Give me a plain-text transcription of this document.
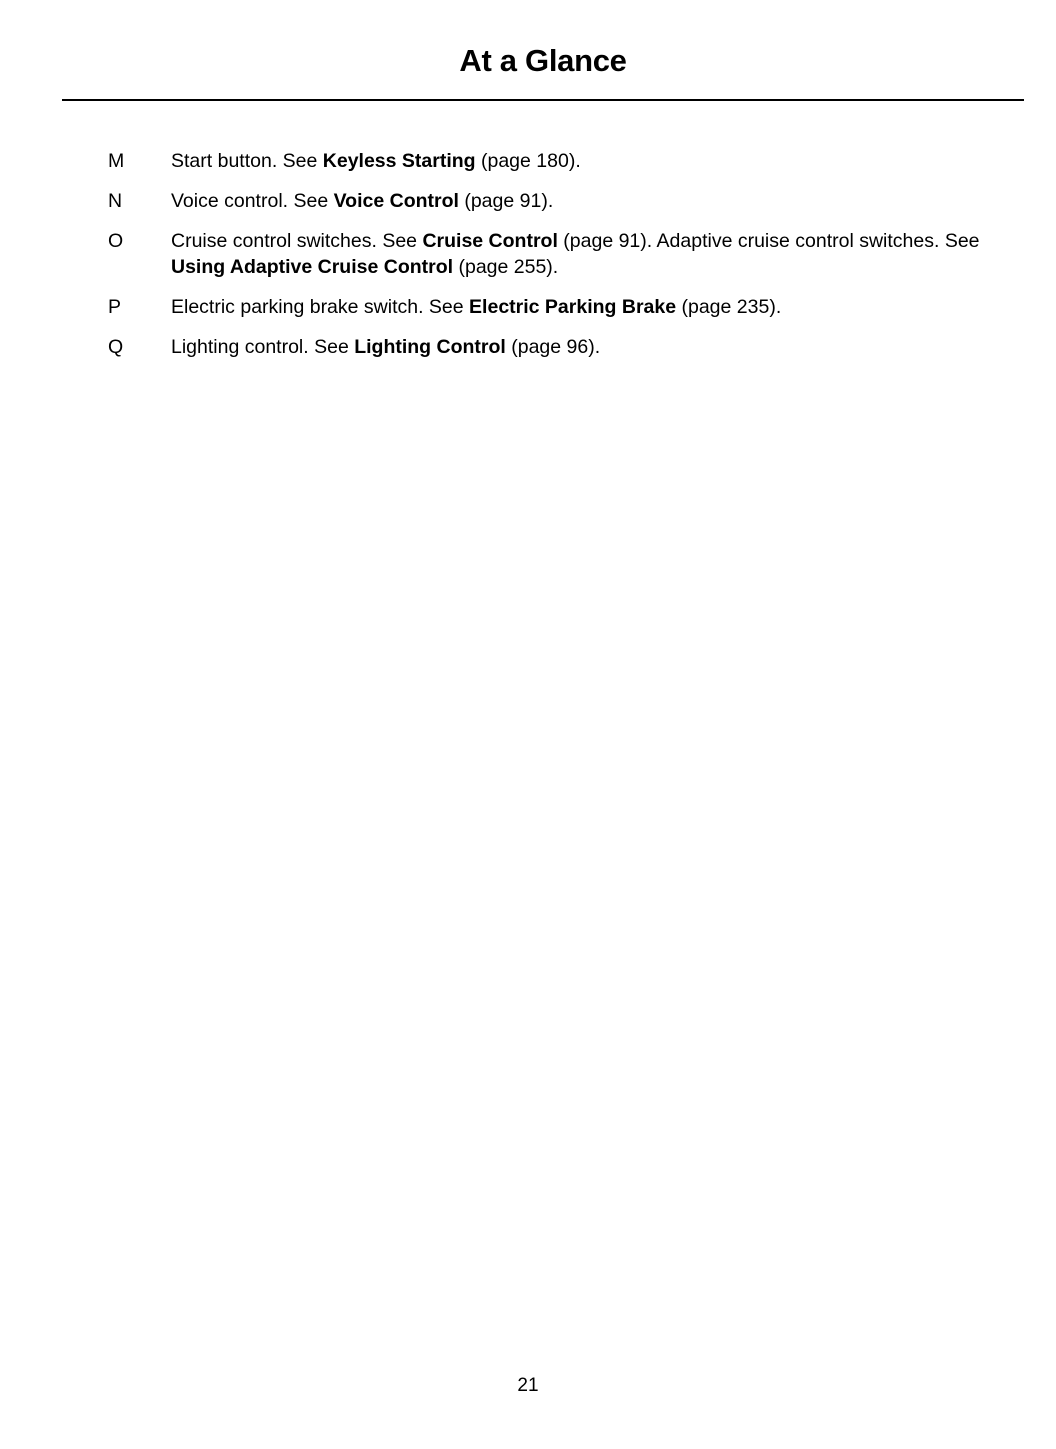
At a Glance
M	Start button. See Keyless Starting (page 180).
N	Voice control. See Voice Control (page 91).
O	Cruise control switches. See Cruise Control (page 91). Adaptive cruise control switches. See Using Adaptive Cruise Control (page 255).
P	Electric parking brake switch. See Electric Parking Brake (page 235).
Q	Lighting control. See Lighting Control (page 96).
21
